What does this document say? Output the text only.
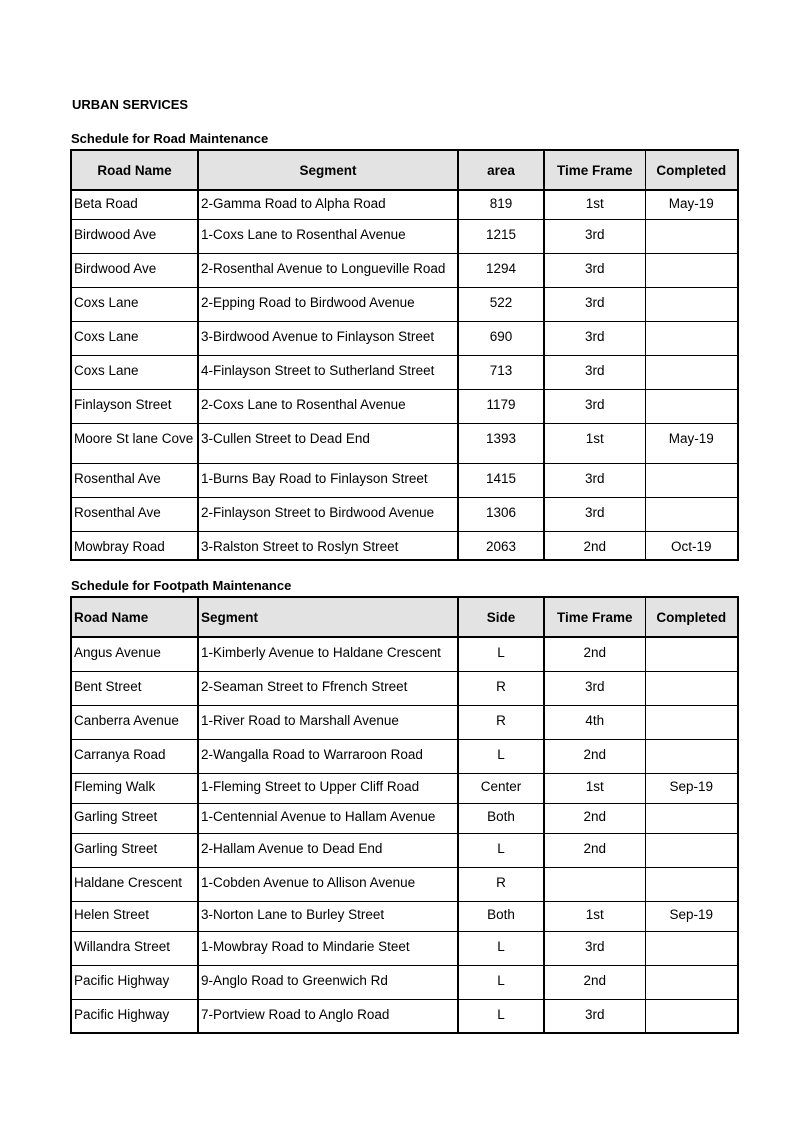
URBAN SERVICES
Schedule for Road Maintenance
Road Name	Segment	area	Time Frame	Completed
Beta Road	2-Gamma Road to Alpha Road	819	1st	May-19
Birdwood Ave	1-Coxs Lane to Rosenthal Avenue	1215	3rd	
Birdwood Ave	2-Rosenthal Avenue to Longueville Road	1294	3rd	
Coxs Lane	2-Epping Road to Birdwood Avenue	522	3rd	
Coxs Lane	3-Birdwood Avenue to Finlayson Street	690	3rd	
Coxs Lane	4-Finlayson Street to Sutherland Street	713	3rd	
Finlayson Street	2-Coxs Lane to Rosenthal Avenue	1179	3rd	
Moore St lane Cove	3-Cullen Street to Dead End	1393	1st	May-19
Rosenthal Ave	1-Burns Bay Road to Finlayson Street	1415	3rd	
Rosenthal Ave	2-Finlayson Street to Birdwood Avenue	1306	3rd	
Mowbray Road	3-Ralston Street to Roslyn Street	2063	2nd	Oct-19
Schedule for Footpath Maintenance
Road Name	Segment	Side	Time Frame	Completed
Angus Avenue	1-Kimberly Avenue to Haldane Crescent	L	2nd	
Bent Street	2-Seaman Street to Ffrench Street	R	3rd	
Canberra Avenue	1-River Road to Marshall Avenue	R	4th	
Carranya Road	2-Wangalla Road to Warraroon Road	L	2nd	
Fleming Walk	1-Fleming Street to Upper Cliff Road	Center	1st	Sep-19
Garling Street	1-Centennial Avenue to Hallam Avenue	Both	2nd	
Garling Street	2-Hallam Avenue to Dead End	L	2nd	
Haldane Crescent	1-Cobden Avenue to Allison Avenue	R		
Helen Street	3-Norton Lane to Burley Street	Both	1st	Sep-19
Willandra Street	1-Mowbray Road to Mindarie Steet	L	3rd	
Pacific Highway	9-Anglo Road to Greenwich Rd	L	2nd	
Pacific Highway	7-Portview Road to Anglo Road	L	3rd	
